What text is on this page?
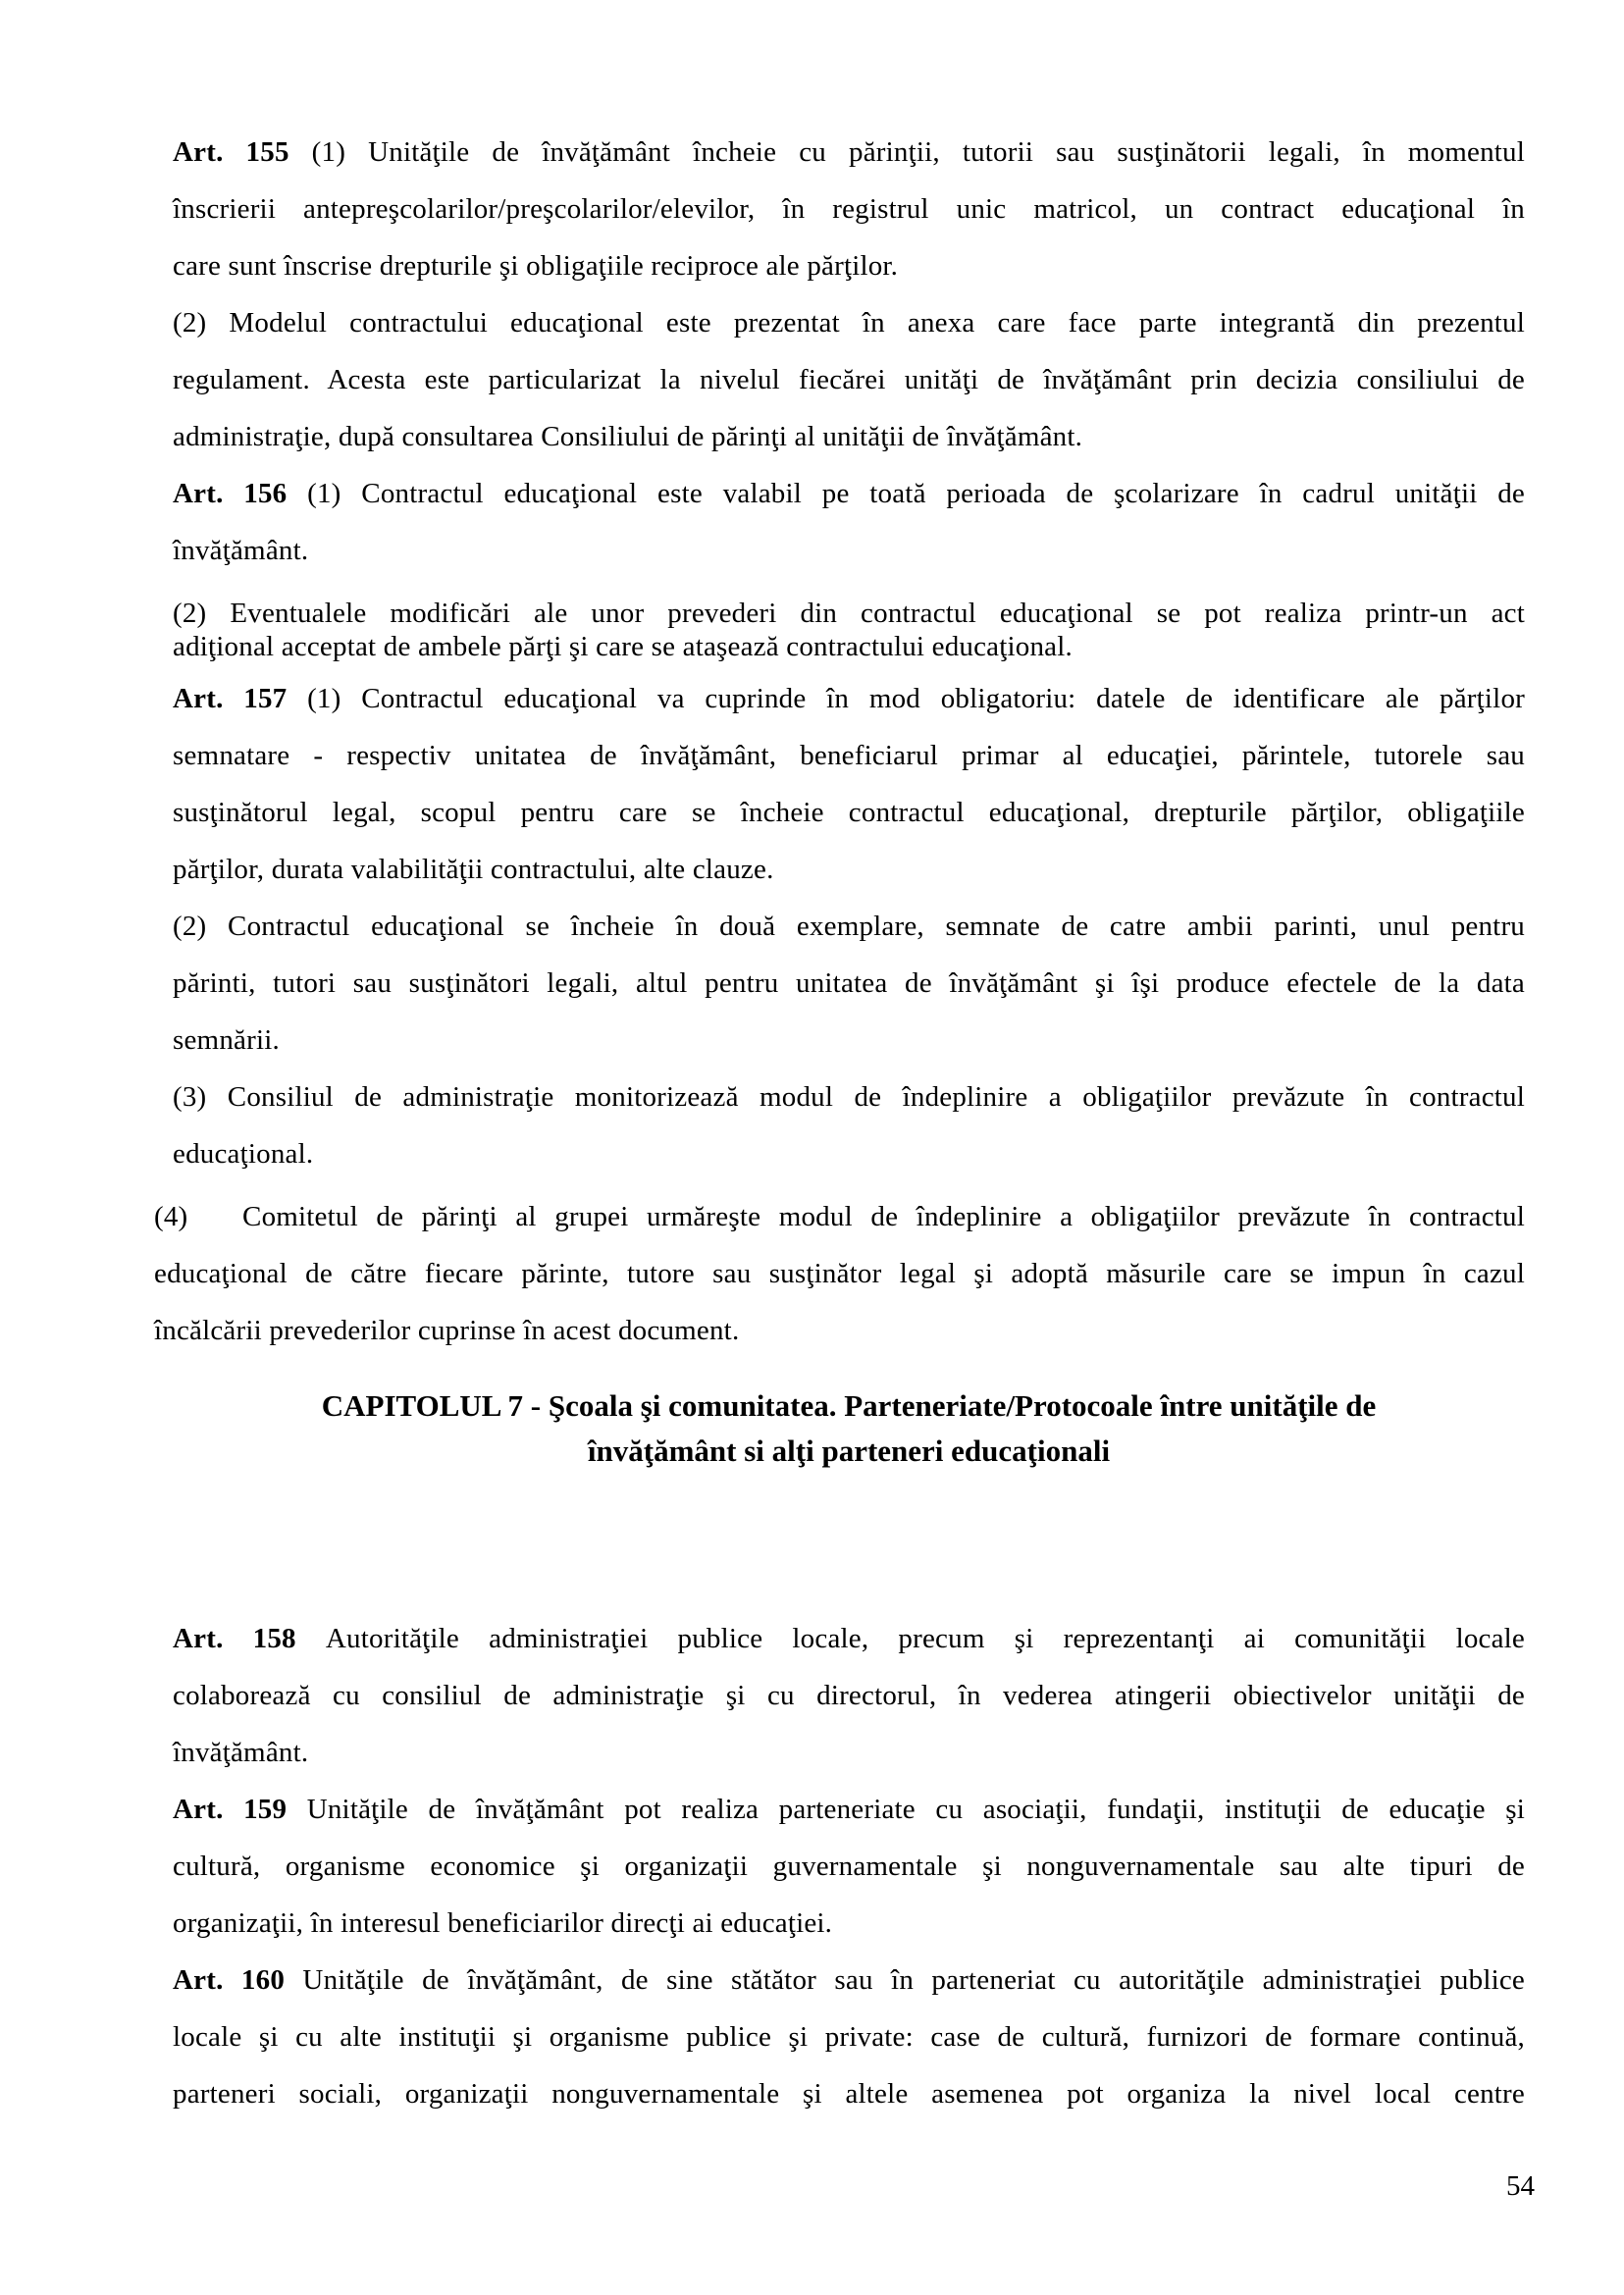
Art. 155 (1) Unităţile de învăţământ încheie cu părinţii, tutorii sau susţinătorii legali, în momentul
înscrierii antepreşcolarilor/preşcolarilor/elevilor, în registrul unic matricol, un contract educaţional în
care sunt înscrise drepturile şi obligaţiile reciproce ale părţilor.
(2) Modelul contractului educaţional este prezentat în anexa care face parte integrantă din prezentul
regulament. Acesta este particularizat la nivelul fiecărei unităţi de învăţământ prin decizia consiliului de
administraţie, după consultarea Consiliului de părinţi al unităţii de învăţământ.
Art. 156 (1) Contractul educaţional este valabil pe toată perioada de şcolarizare în cadrul unităţii de
învăţământ.
(2) Eventualele modificări ale unor prevederi din contractul educaţional se pot realiza printr-un act
adiţional acceptat de ambele părţi şi care se ataşează contractului educaţional.
Art. 157 (1) Contractul educaţional va cuprinde în mod obligatoriu: datele de identificare ale părţilor
semnatare - respectiv unitatea de învăţământ, beneficiarul primar al educaţiei, părintele, tutorele sau
susţinătorul legal, scopul pentru care se încheie contractul educaţional, drepturile părţilor, obligaţiile
părţilor, durata valabilităţii contractului, alte clauze.
(2) Contractul educaţional se încheie în două exemplare, semnate de catre ambii parinti, unul pentru
părinti, tutori sau susţinători legali, altul pentru unitatea de învăţământ şi îşi produce efectele de la data
semnării.
(3) Consiliul de administraţie monitorizează modul de îndeplinire a obligaţiilor prevăzute în contractul
educaţional.
(4)   Comitetul de părinţi al grupei urmăreşte modul de îndeplinire a obligaţiilor prevăzute în contractul
educaţional de către fiecare părinte, tutore sau susţinător legal şi adoptă măsurile care se impun în cazul
încălcării prevederilor cuprinse în acest document.
CAPITOLUL 7 - Şcoala şi comunitatea. Parteneriate/Protocoale între unităţile de
învăţământ si alţi parteneri educaţionali
Art. 158 Autorităţile administraţiei publice locale, precum şi reprezentanţi ai comunităţii locale
colaborează cu consiliul de administraţie şi cu directorul, în vederea atingerii obiectivelor unităţii de
învăţământ.
Art. 159 Unităţile de învăţământ pot realiza parteneriate cu asociaţii, fundaţii, instituţii de educaţie şi
cultură, organisme economice şi organizaţii guvernamentale şi nonguvernamentale sau alte tipuri de
organizaţii, în interesul beneficiarilor direcţi ai educaţiei.
Art. 160 Unităţile de învăţământ, de sine stătător sau în parteneriat cu autorităţile administraţiei publice
locale şi cu alte instituţii şi organisme publice şi private: case de cultură, furnizori de formare continuă,
parteneri sociali, organizaţii nonguvernamentale şi altele asemenea pot organiza la nivel local centre
54
